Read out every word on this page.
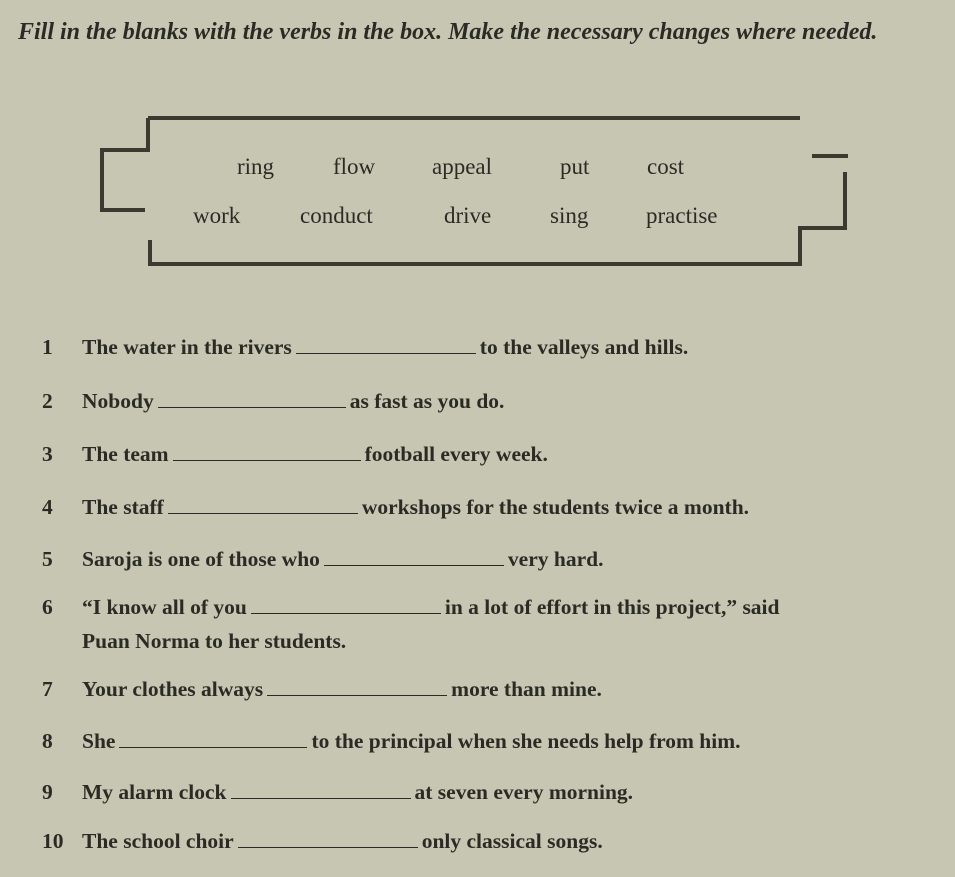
Fill in the blanks with the verbs in the box. Make the necessary changes where needed.
ring	flow appeal	put	cost
work	conduct	drive	sing	practise
1 The water in the rivers	to the valleys and hills.
2 Nobody	as fast as you do.
3 The team	football every week.
4 The staff	workshops for the students twice a month.
5 Saroja is one of those who	very hard.
6 “I know all of you	in a lot of effort in this project,” said
Puan Norma to her students.
7 Your clothes always	more than mine.
8 She	to the principal when she needs help from him.
9 My alarm clock	at seven every morning.
10 The school choir	only classical songs.
